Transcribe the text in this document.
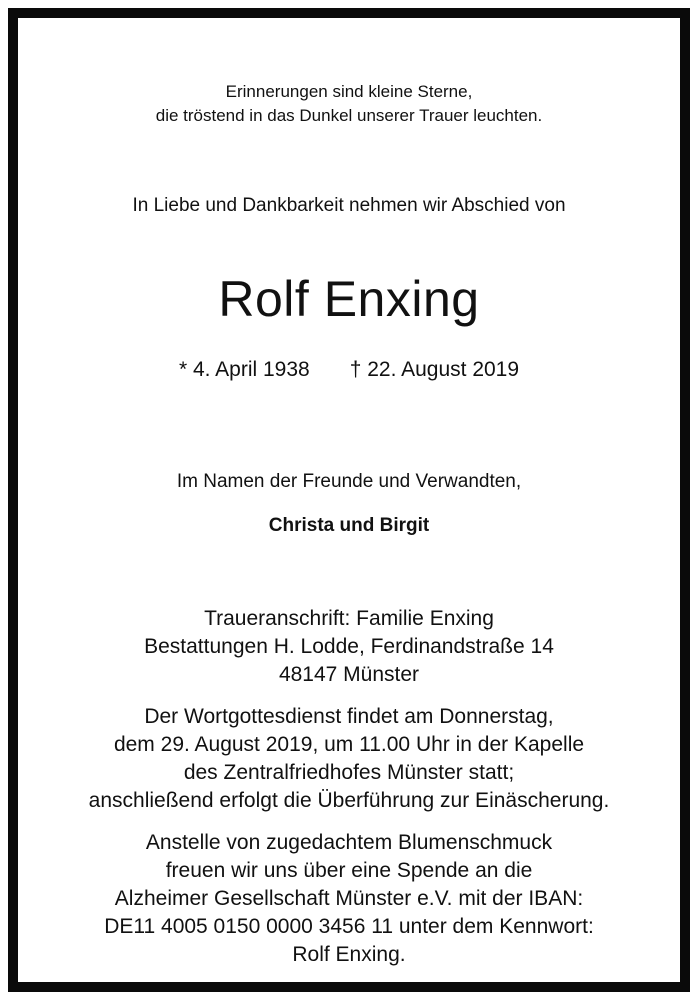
Erinnerungen sind kleine Sterne,
die tröstend in das Dunkel unserer Trauer leuchten.
In Liebe und Dankbarkeit nehmen wir Abschied von
Rolf Enxing
* 4. April 1938 † 22. August 2019
Im Namen der Freunde und Verwandten,
Christa und Birgit
Traueranschrift: Familie Enxing
Bestattungen H. Lodde, Ferdinandstraße 14
48147 Münster
Der Wortgottesdienst findet am Donnerstag,
dem 29. August 2019, um 11.00 Uhr in der Kapelle
des Zentralfriedhofes Münster statt;
anschließend erfolgt die Überführung zur Einäscherung.
Anstelle von zugedachtem Blumenschmuck
freuen wir uns über eine Spende an die
Alzheimer Gesellschaft Münster e.V. mit der IBAN:
DE11 4005 0150 0000 3456 11 unter dem Kennwort:
Rolf Enxing.
